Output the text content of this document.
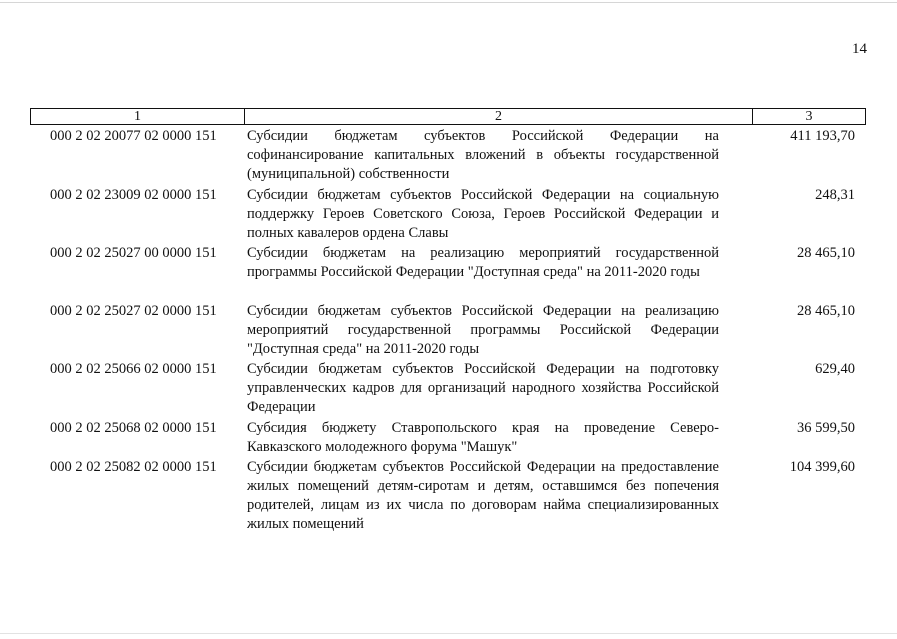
14
1	2	3
000 2 02 20077 02 0000 151 Субсидии бюджетам субъектов Российской Федерации на софинансирование капитальных вложений в объекты государственной (муниципальной) собственности
411 193,70
000 2 02 23009 02 0000 151 Субсидии бюджетам субъектов Российской Федерации на социальную поддержку Героев Советского Союза, Героев Российской Федерации и полных кавалеров ордена Славы
248,31
000 2 02 25027 00 0000 151 Субсидии бюджетам на реализацию мероприятий государственной программы Российской Федерации "Доступная среда" на 2011-2020 годы
28 465,10
000 2 02 25027 02 0000 151 Субсидии бюджетам субъектов Российской Федерации на реализацию мероприятий государственной программы Российской Федерации "Доступная среда" на 2011-2020 годы
28 465,10
000 2 02 25066 02 0000 151 Субсидии бюджетам субъектов Российской Федерации на подготовку управленческих кадров для организаций народного хозяйства Российской Федерации
629,40
000 2 02 25068 02 0000 151 Субсидия бюджету Ставропольского края на проведение Северо-Кавказского молодежного форума "Машук"
36 599,50
000 2 02 25082 02 0000 151 Субсидии бюджетам субъектов Российской Федерации на предоставление жилых помещений детям-сиротам и детям, оставшимся без попечения родителей, лицам из их числа по договорам найма специализированных жилых помещений
104 399,60
